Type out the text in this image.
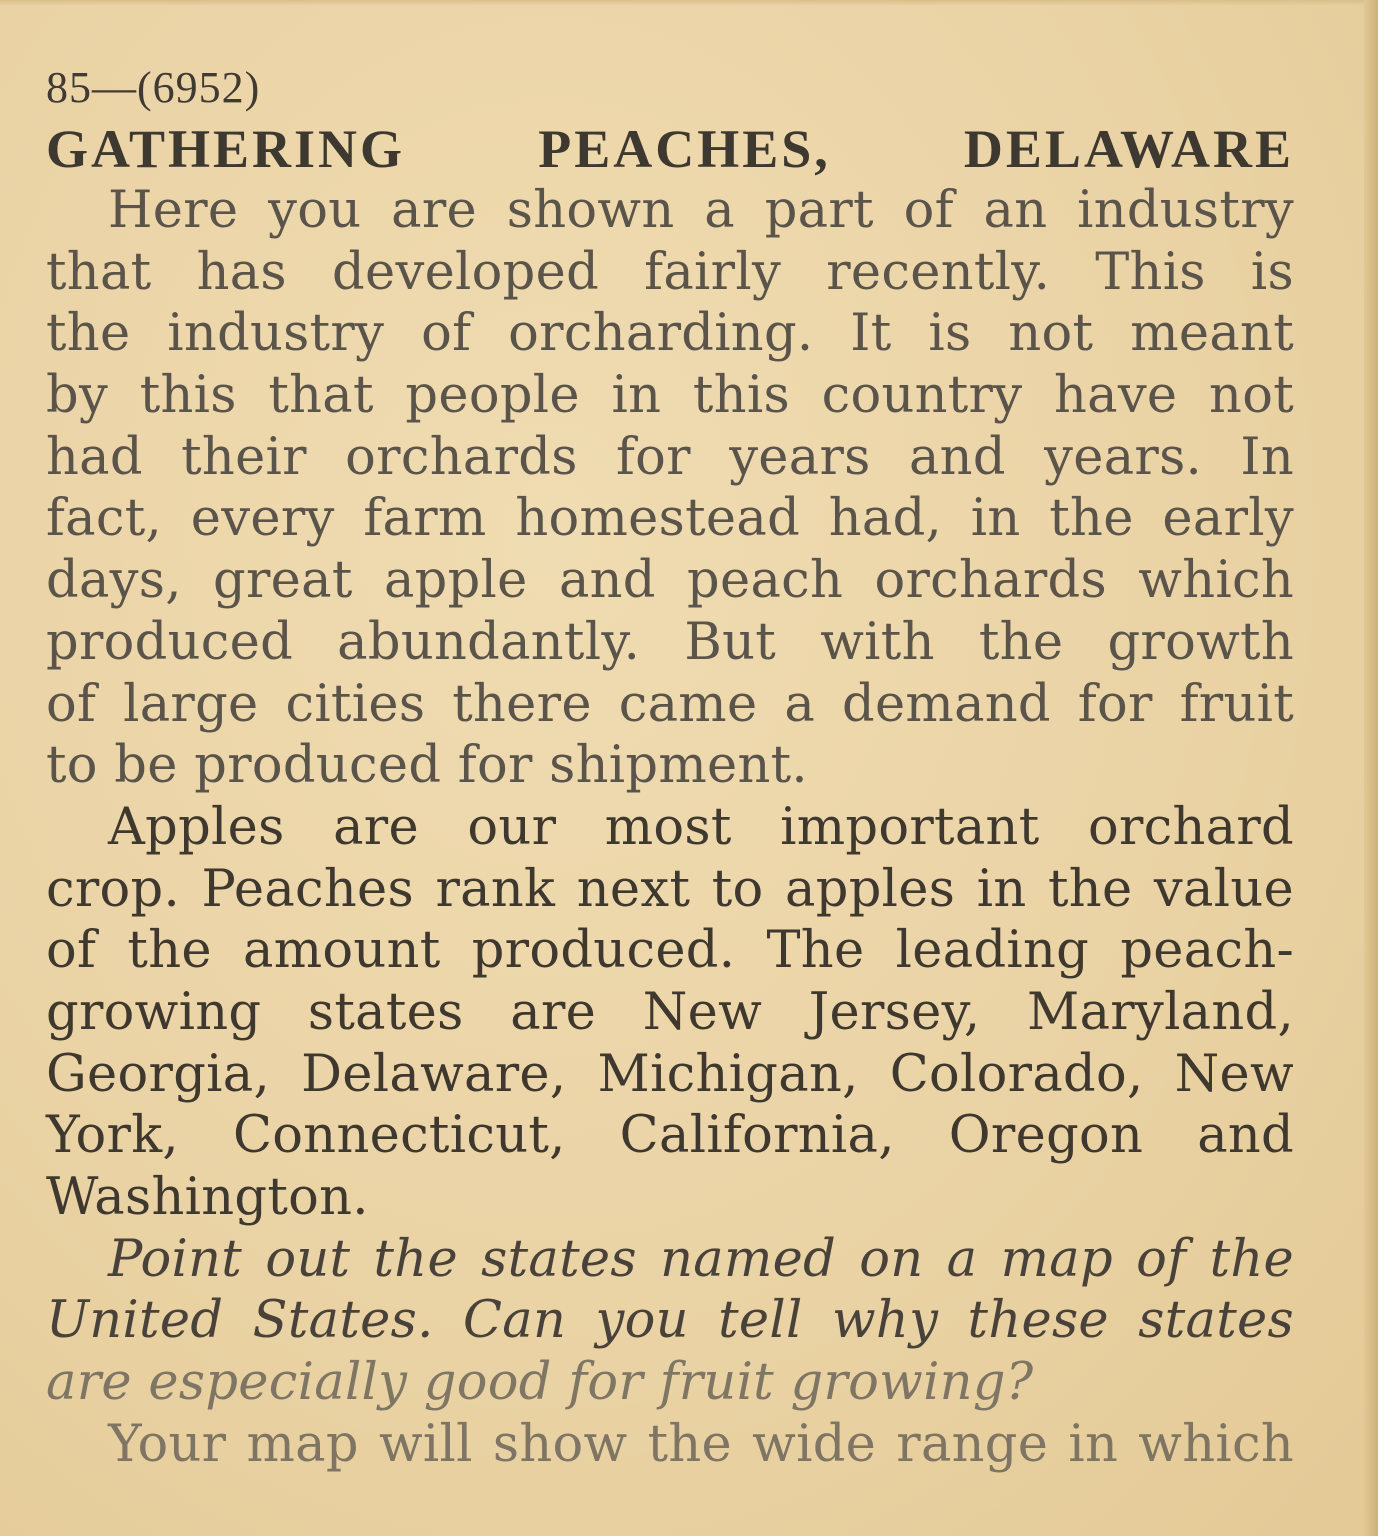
85—(6952)
GATHERING PEACHES, DELAWARE
Here you are shown a part of an industry
that has developed fairly recently. This is
the industry of orcharding. It is not meant
by this that people in this country have not
had their orchards for years and years. In
fact, every farm homestead had, in the early
days, great apple and peach orchards which
produced abundantly. But with the growth
of large cities there came a demand for fruit
to be produced for shipment.
Apples are our most important orchard
crop. Peaches rank next to apples in the value
of the amount produced. The leading peach-
growing states are New Jersey, Maryland,
Georgia, Delaware, Michigan, Colorado, New
York, Connecticut, California, Oregon and
Washington.
Point out the states named on a map of the
United States. Can you tell why these states
are especially good for fruit growing?
Your map will show the wide range in which
